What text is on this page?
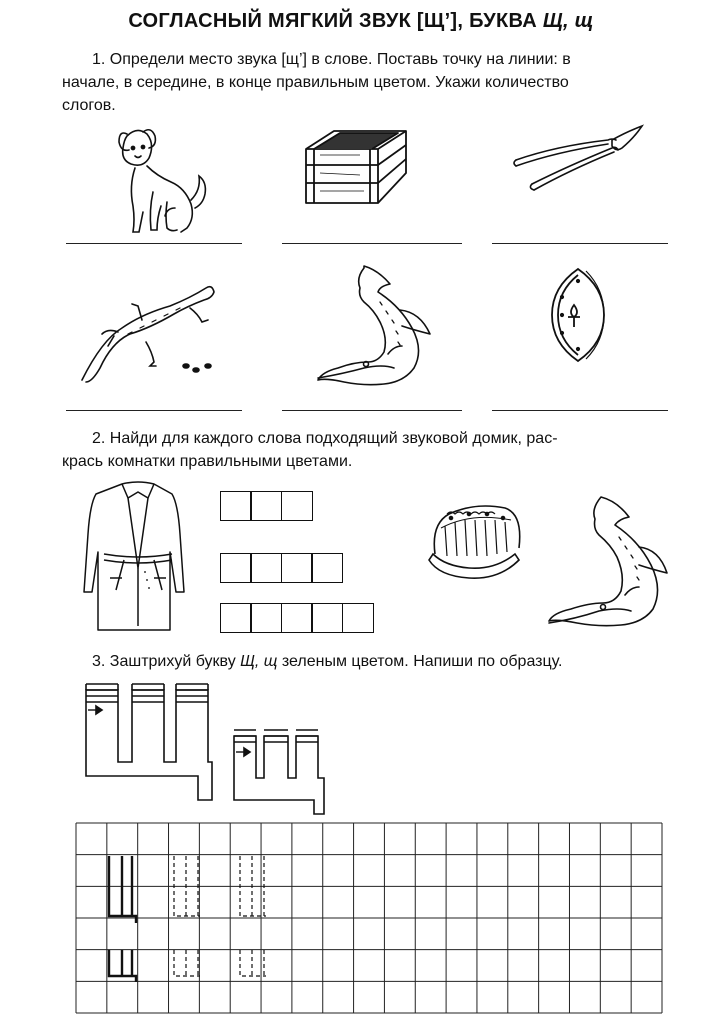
СОГЛАСНЫЙ МЯГКИЙ ЗВУК [Щ’], БУКВА Щ, щ
1. Определи место звука [щ’] в слове. Поставь точку на линии: в
начале, в середине, в конце правильным цветом. Укажи количество
слогов.
2. Найди для каждого слова подходящий звуковой домик, рас-
крась комнатки правильными цветами.
3. Заштрихуй букву Щ, щ зеленым цветом. Напиши по образцу.
